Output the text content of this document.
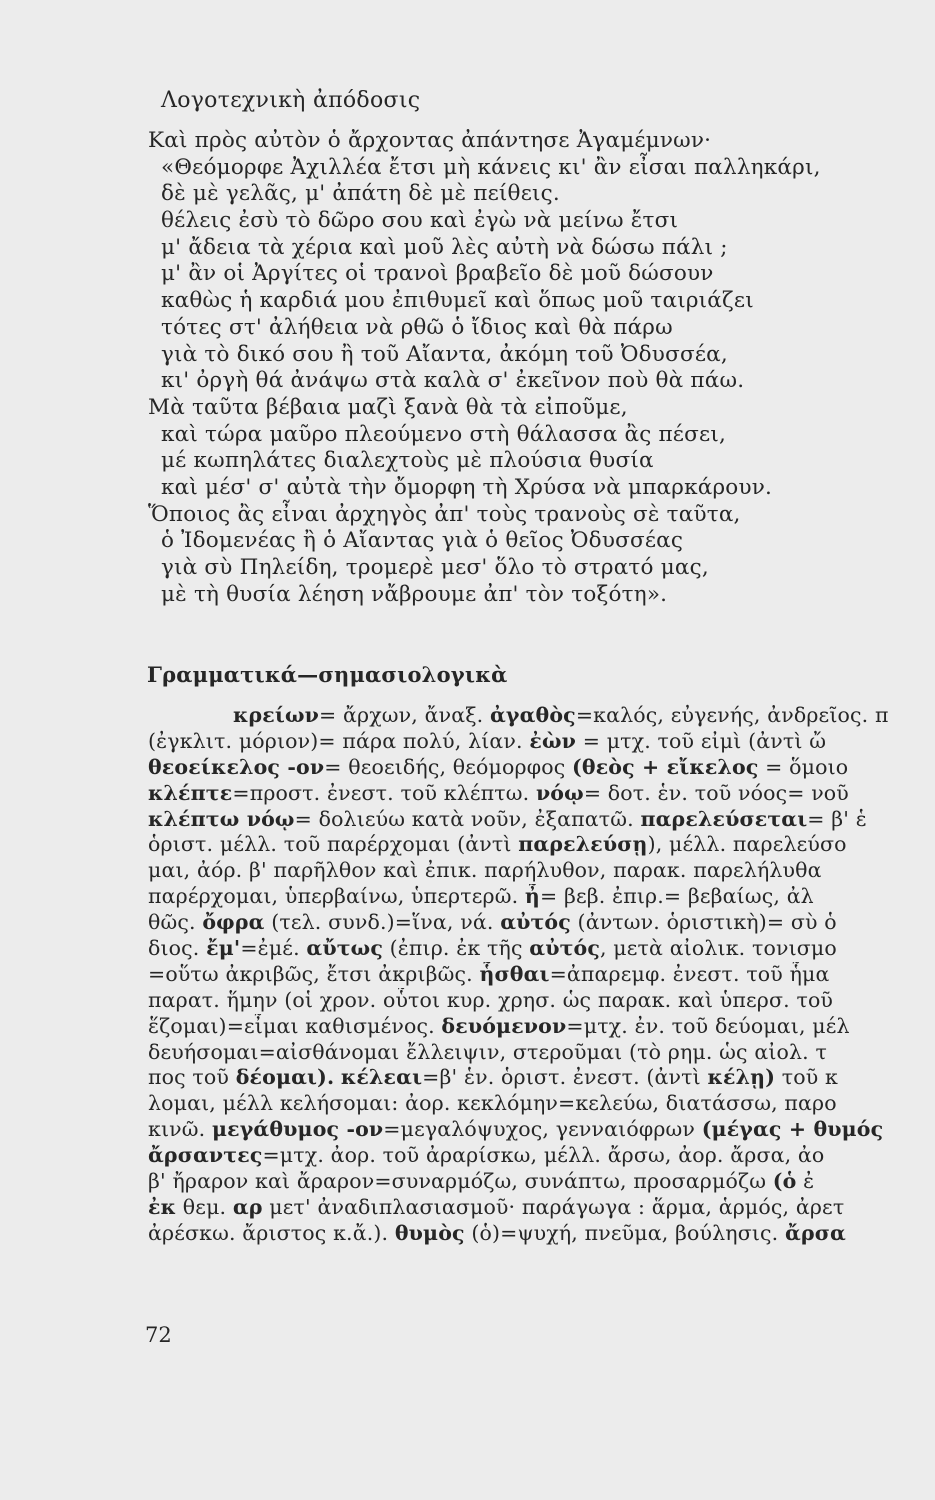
Λογοτεχνικὴ ἀπόδοσις
Καὶ πρὸς αὐτὸν ὁ ἄρχοντας ἀπάντησε Ἀγαμέμνων·
«Θεόμορφε Ἀχιλλέα ἔτσι μὴ κάνεις κι' ἂν εἶσαι παλληκάρι,
δὲ μὲ γελᾶς, μ' ἀπάτη δὲ μὲ πείθεις.
θέλεις ἐσὺ τὸ δῶρο σου καὶ ἐγὼ νὰ μείνω ἔτσι
μ' ἄδεια τὰ χέρια καὶ μοῦ λὲς αὐτὴ νὰ δώσω πάλι ;
μ' ἂν οἱ Ἀργίτες οἱ τρανοὶ βραβεῖο δὲ μοῦ δώσουν
καθὼς ἡ καρδιά μου ἐπιθυμεῖ καὶ ὅπως μοῦ ταιριάζει
τότες στ' ἀλήθεια νὰ ρθῶ ὁ ἴδιος καὶ θὰ πάρω
γιὰ τὸ δικό σου ἢ τοῦ Αἴαντα, ἀκόμη τοῦ Ὀδυσσέα,
κι' ὀργὴ θά ἀνάψω στὰ καλὰ σ' ἐκεῖνον ποὺ θὰ πάω.
Μὰ ταῦτα βέβαια μαζὶ ξανὰ θὰ τὰ εἰποῦμε,
καὶ τώρα μαῦρο πλεούμενο στὴ θάλασσα ἂς πέσει,
μέ κωπηλάτες διαλεχτοὺς μὲ πλούσια θυσία
καὶ μέσ' σ' αὐτὰ τὴν ὄμορφη τὴ Χρύσα νὰ μπαρκάρουν.
Ὅποιος ἂς εἶναι ἀρχηγὸς ἀπ' τοὺς τρανοὺς σὲ ταῦτα,
ὁ Ἰδομενέας ἢ ὁ Αἴαντας γιὰ ὁ θεῖος Ὀδυσσέας
γιὰ σὺ Πηλείδη, τρομερὲ μεσ' ὅλο τὸ στρατό μας,
μὲ τὴ θυσία λέηση νἄβρουμε ἀπ' τὸν τοξότη».
Γραμματικά—σημασιολογικὰ
κρείων= ἄρχων, ἄναξ. ἀγαθὸς=καλός, εὐγενής, ἀνδρεῖος. π
(ἐγκλιτ. μόριον)= πάρα πολύ, λίαν. ἐὼν = μτχ. τοῦ εἰμὶ (ἀντὶ ὤ
θεοείκελος -ον= θεοειδής, θεόμορφος (θεὸς + εἴκελος = ὅμοιο
κλέπτε=προστ. ἐνεστ. τοῦ κλέπτω. νόῳ= δοτ. ἑν. τοῦ νόος= νοῦ
κλέπτω νόῳ= δολιεύω κατὰ νοῦν, ἐξαπατῶ. παρελεύσεται= β' ἑ
ὁριστ. μέλλ. τοῦ παρέρχομαι (ἀντὶ παρελεύσῃ), μέλλ. παρελεύσο
μαι, ἀόρ. β' παρῆλθον καὶ ἐπικ. παρήλυθον, παρακ. παρελήλυθα
παρέρχομαι, ὑπερβαίνω, ὑπερτερῶ. ἦ= βεβ. ἐπιρ.= βεβαίως, ἀλ
θῶς. ὄφρα (τελ. συνδ.)=ἵνα, νά. αὐτός (ἀντων. ὁριστικὴ)= σὺ ὁ
διος. ἔμ'=ἐμέ. αὔτως (ἐπιρ. ἐκ τῆς αὐτός, μετὰ αἰολικ. τονισμο
=οὕτω ἀκριβῶς, ἔτσι ἀκριβῶς. ἧσθαι=ἀπαρεμφ. ἐνεστ. τοῦ ἧμα
παρατ. ἥμην (οἱ χρον. οὗτοι κυρ. χρησ. ὡς παρακ. καὶ ὑπερσ. τοῦ
ἕζομαι)=εἶμαι καθισμένος. δευόμενον=μτχ. ἐν. τοῦ δεύομαι, μέλ
δευήσομαι=αἰσθάνομαι ἔλλειψιν, στεροῦμαι (τὸ ρημ. ὡς αἰολ. τ
πος τοῦ δέομαι). κέλεαι=β' ἑν. ὁριστ. ἐνεστ. (ἀντὶ κέλῃ) τοῦ κ
λομαι, μέλλ κελήσομαι: ἀορ. κεκλόμην=κελεύω, διατάσσω, παρο
κινῶ. μεγάθυμος -ον=μεγαλόψυχος, γενναιόφρων (μέγας + θυμός
ἄρσαντες=μτχ. ἀορ. τοῦ ἀραρίσκω, μέλλ. ἄρσω, ἀορ. ἄρσα, ἀο
β' ἤραρον καὶ ἄραρον=συναρμόζω, συνάπτω, προσαρμόζω (ὁ ἐ
ἐκ θεμ. αρ μετ' ἀναδιπλασιασμοῦ· παράγωγα : ἅρμα, ἁρμός, ἀρετ
ἀρέσκω. ἄριστος κ.ἄ.). θυμὸς (ὁ)=ψυχή, πνεῦμα, βούλησις. ἄρσα
72
